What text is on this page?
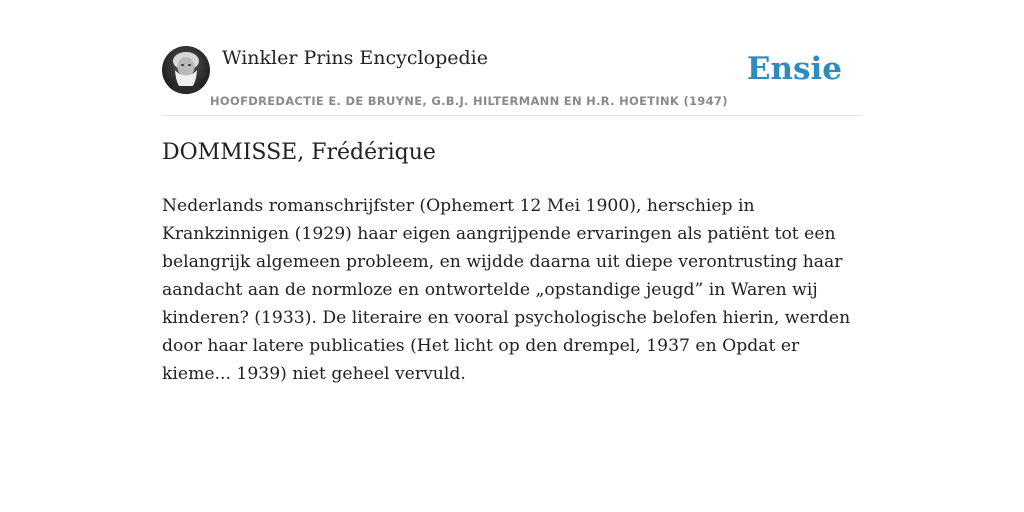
Winkler Prins Encyclopedie
HOOFDREDACTIE E. DE BRUYNE, G.B.J. HILTERMANN EN H.R. HOETINK (1947)
Ensie
DOMMISSE, Frédérique

Nederlands romanschrijfster (Ophemert 12 Mei 1900), herschiep in Krankzinnigen (1929) haar eigen aangrijpende ervaringen als patiënt tot een belangrijk algemeen probleem, en wijdde daarna uit diepe verontrusting haar aandacht aan de normloze en ontwortelde „opstandige jeugd” in Waren wij kinderen? (1933). De literaire en vooral psychologische belofen hierin, werden door haar latere publicaties (Het licht op den drempel, 1937 en Opdat er kieme... 1939) niet geheel vervuld.
